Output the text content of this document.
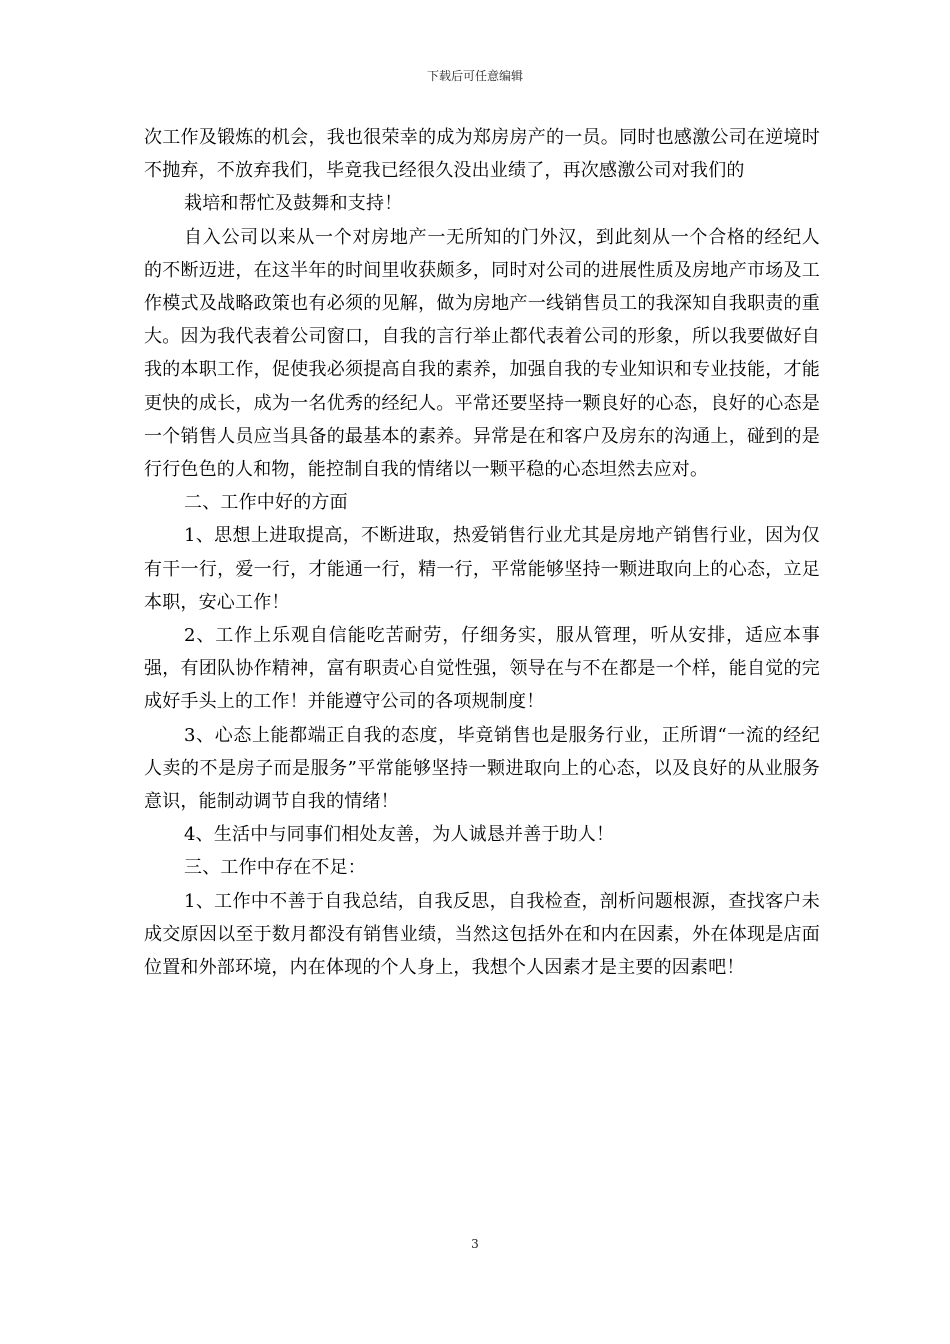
下载后可任意编辑

次工作及锻炼的机会，我也很荣幸的成为郑房房产的一员。同时也感激公司在逆境时不抛弃，不放弃我们，毕竟我已经很久没出业绩了，再次感激公司对我们的

栽培和帮忙及鼓舞和支持！

自入公司以来从一个对房地产一无所知的门外汉，到此刻从一个合格的经纪人的不断迈进，在这半年的时间里收获颇多，同时对公司的进展性质及房地产市场及工作模式及战略政策也有必须的见解，做为房地产一线销售员工的我深知自我职责的重大。因为我代表着公司窗口，自我的言行举止都代表着公司的形象，所以我要做好自我的本职工作，促使我必须提高自我的素养，加强自我的专业知识和专业技能，才能更快的成长，成为一名优秀的经纪人。平常还要坚持一颗良好的心态，良好的心态是一个销售人员应当具备的最基本的素养。异常是在和客户及房东的沟通上，碰到的是行行色色的人和物，能控制自我的情绪以一颗平稳的心态坦然去应对。

二、工作中好的方面

1、思想上进取提高，不断进取，热爱销售行业尤其是房地产销售行业，因为仅有干一行，爱一行，才能通一行，精一行，平常能够坚持一颗进取向上的心态，立足本职，安心工作！

2、工作上乐观自信能吃苦耐劳，仔细务实，服从管理，听从安排，适应本事强，有团队协作精神，富有职责心自觉性强，领导在与不在都是一个样，能自觉的完成好手头上的工作！并能遵守公司的各项规制度！

3、心态上能都端正自我的态度，毕竟销售也是服务行业，正所谓“一流的经纪人卖的不是房子而是服务”平常能够坚持一颗进取向上的心态，以及良好的从业服务意识，能制动调节自我的情绪！

4、生活中与同事们相处友善，为人诚恳并善于助人！

三、工作中存在不足：

1、工作中不善于自我总结，自我反思，自我检查，剖析问题根源，查找客户未成交原因以至于数月都没有销售业绩，当然这包括外在和内在因素，外在体现是店面位置和外部环境，内在体现的个人身上，我想个人因素才是主要的因素吧！

3
